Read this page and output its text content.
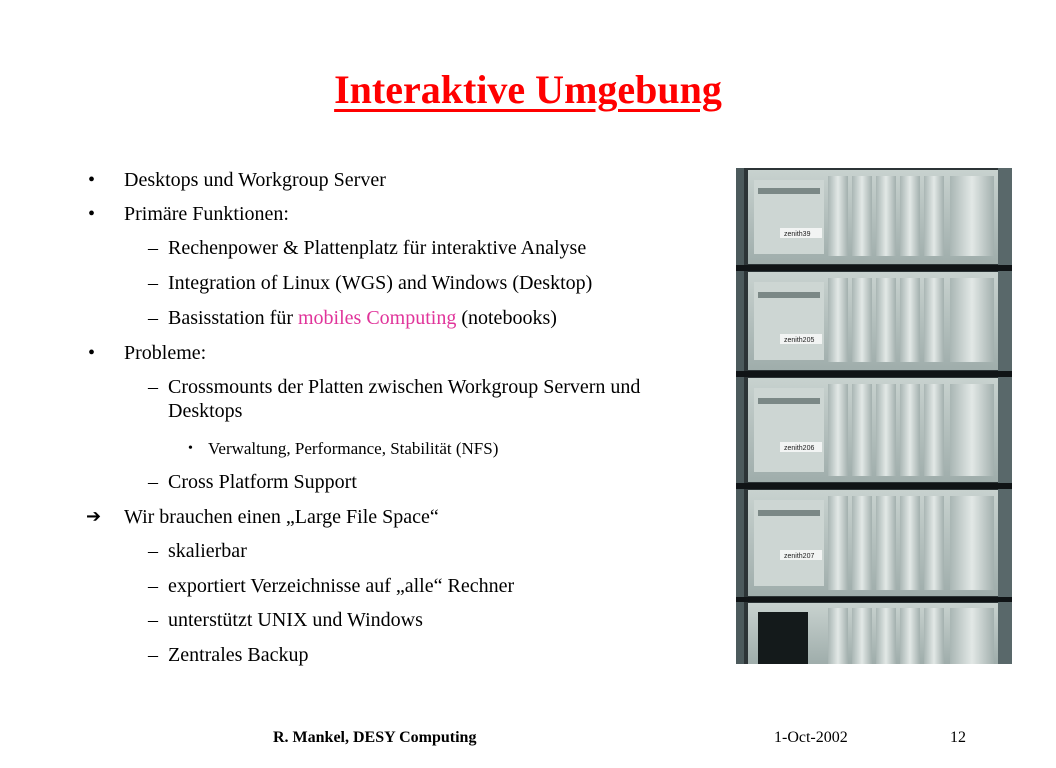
Interaktive Umgebung
•	Desktops und Workgroup Server
•	Primäre Funktionen:
– Rechenpower & Plattenplatz für interaktive Analyse
– Integration of Linux (WGS) and Windows (Desktop)
– Basisstation für mobiles Computing (notebooks)
•	Probleme:
– Crossmounts der Platten zwischen Workgroup Servern und Desktops
• Verwaltung, Performance, Stabilität (NFS)
– Cross Platform Support
➔ Wir brauchen einen „Large File Space“
– skalierbar
– exportiert Verzeichnisse auf „alle“ Rechner
– unterstützt UNIX und Windows
– Zentrales Backup
zenith39
zenith205
zenith206
zenith207
R. Mankel, DESY Computing	1-Oct-2002	12
